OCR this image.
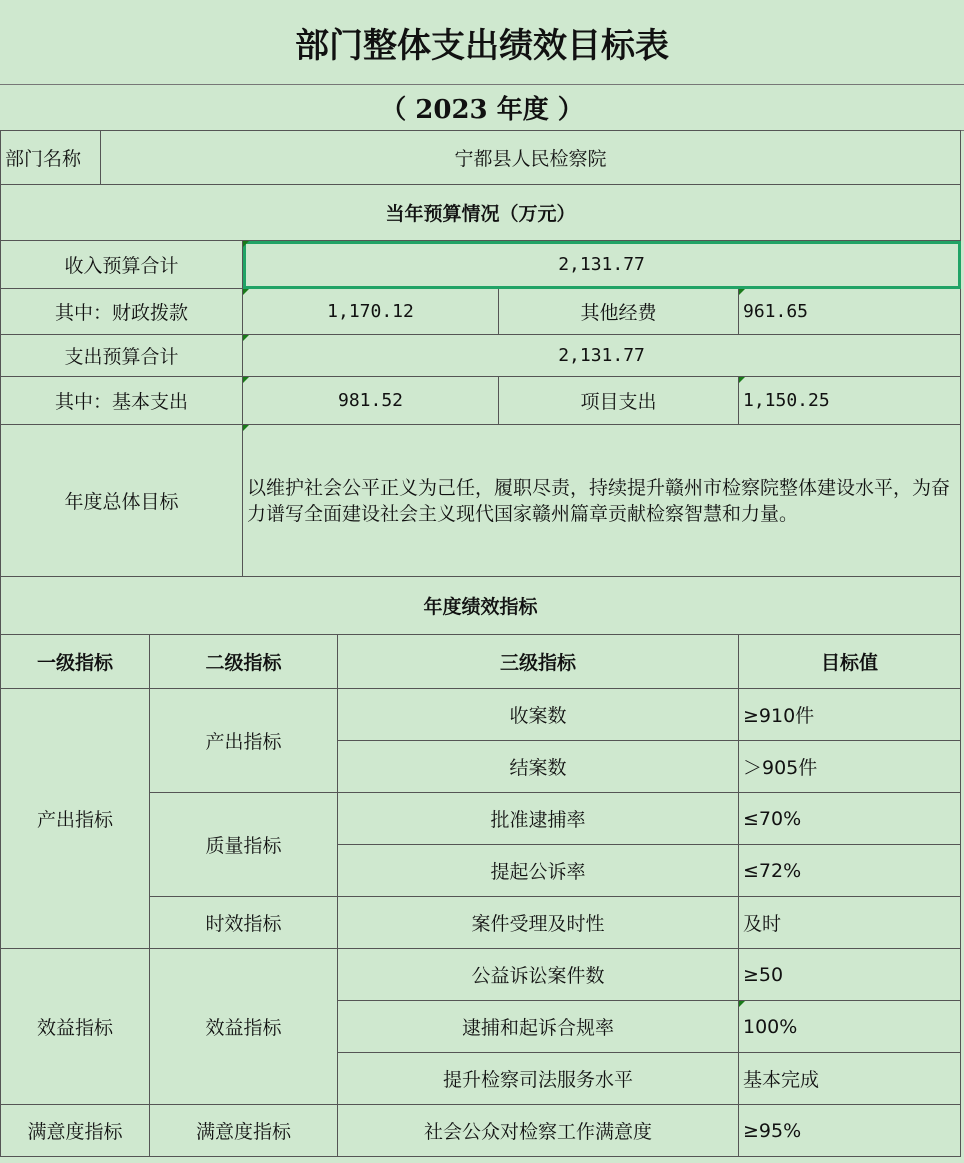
部门整体支出绩效目标表
（ 2023 年度 ）
部门名称	宁都县人民检察院					
当年预算情况（万元）						
收入预算合计			2,131.77			
其中：财政拨款			1,170.12		其他经费	961.65
支出预算合计			2,131.77			
其中：基本支出			981.52		项目支出	1,150.25
年度总体目标			以维护社会公平正义为己任，履职尽责，持续提升赣州市检察院整体建设水平，为奋力谱写全面建设社会主义现代国家赣州篇章贡献检察智慧和力量。			
年度绩效指标						
一级指标		二级指标		三级指标		目标值
产出指标		产出指标		收案数		≥910件
				结案数		＞905件
		质量指标		批准逮捕率		≤70%
				提起公诉率		≤72%
		时效指标		案件受理及时性		及时
效益指标		效益指标		公益诉讼案件数		≥50
				逮捕和起诉合规率		100%
				提升检察司法服务水平		基本完成
满意度指标		满意度指标		社会公众对检察工作满意度		≥95%
